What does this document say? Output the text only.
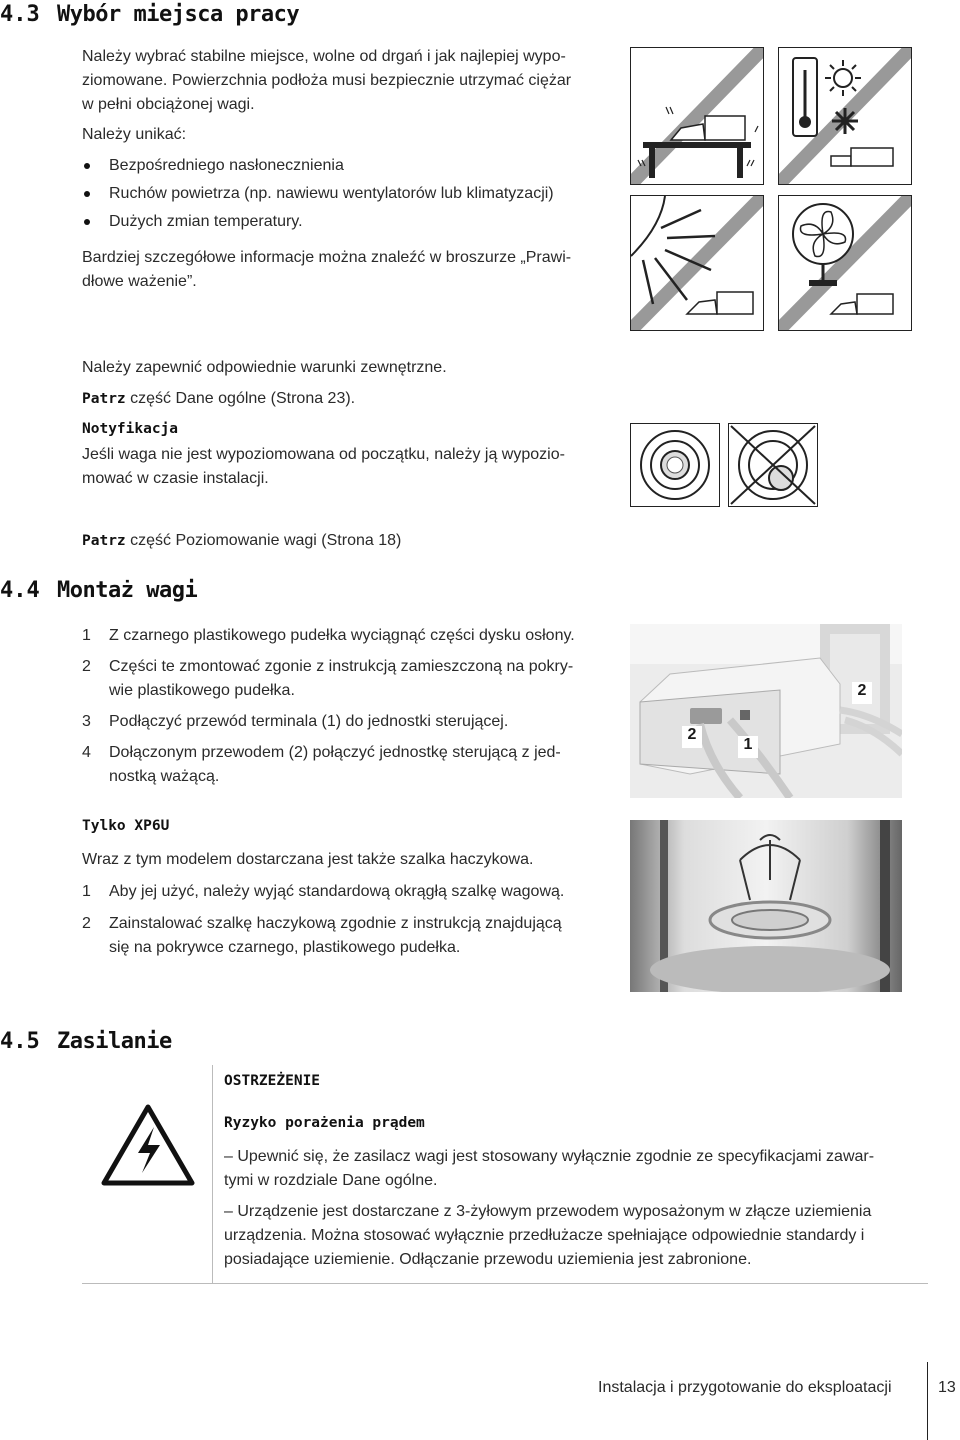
4.3 Wybór miejsca pracy
Należy wybrać stabilne miejsce, wolne od drgań i jak najlepiej wypo-
ziomowane. Powierzchnia podłoża musi bezpiecznie utrzymać ciężar
w pełni obciążonej wagi.
Należy unikać:
Bezpośredniego nasłonecznienia
Ruchów powietrza (np. nawiewu wentylatorów lub klimatyzacji)
Dużych zmian temperatury.
Bardziej szczegółowe informacje można znaleźć w broszurze „Prawi-
dłowe ważenie”.
Należy zapewnić odpowiednie warunki zewnętrzne.
Patrz część Dane ogólne (Strona 23).
Notyfikacja
Jeśli waga nie jest wypoziomowana od początku, należy ją wypozio-
mować w czasie instalacji.
Patrz część Poziomowanie wagi (Strona 18)
4.4 Montaż wagi
1 Z czarnego plastikowego pudełka wyciągnąć części dysku osłony.
2 Części te zmontować zgonie z instrukcją zamieszczoną na pokry-
wie plastikowego pudełka.
3 Podłączyć przewód terminala (1) do jednostki sterującej.
4 Dołączonym przewodem (2) połączyć jednostkę sterującą z jed-
nostką ważącą.
2
2
1
Tylko XP6U
Wraz z tym modelem dostarczana jest także szalka haczykowa.
1 Aby jej użyć, należy wyjąć standardową okrągłą szalkę wagową.
2 Zainstalować szalkę haczykową zgodnie z instrukcją znajdującą
się na pokrywce czarnego, plastikowego pudełka.
4.5 Zasilanie
OSTRZEŻENIE
Ryzyko porażenia prądem
– Upewnić się, że zasilacz wagi jest stosowany wyłącznie zgodnie ze specyfikacjami zawar-
tymi w rozdziale Dane ogólne.
– Urządzenie jest dostarczane z 3-żyłowym przewodem wyposażonym w złącze uziemienia
urządzenia. Można stosować wyłącznie przedłużacze spełniające odpowiednie standardy i
posiadające uziemienie. Odłączanie przewodu uziemienia jest zabronione.
Instalacja i przygotowanie do eksploatacji	13
